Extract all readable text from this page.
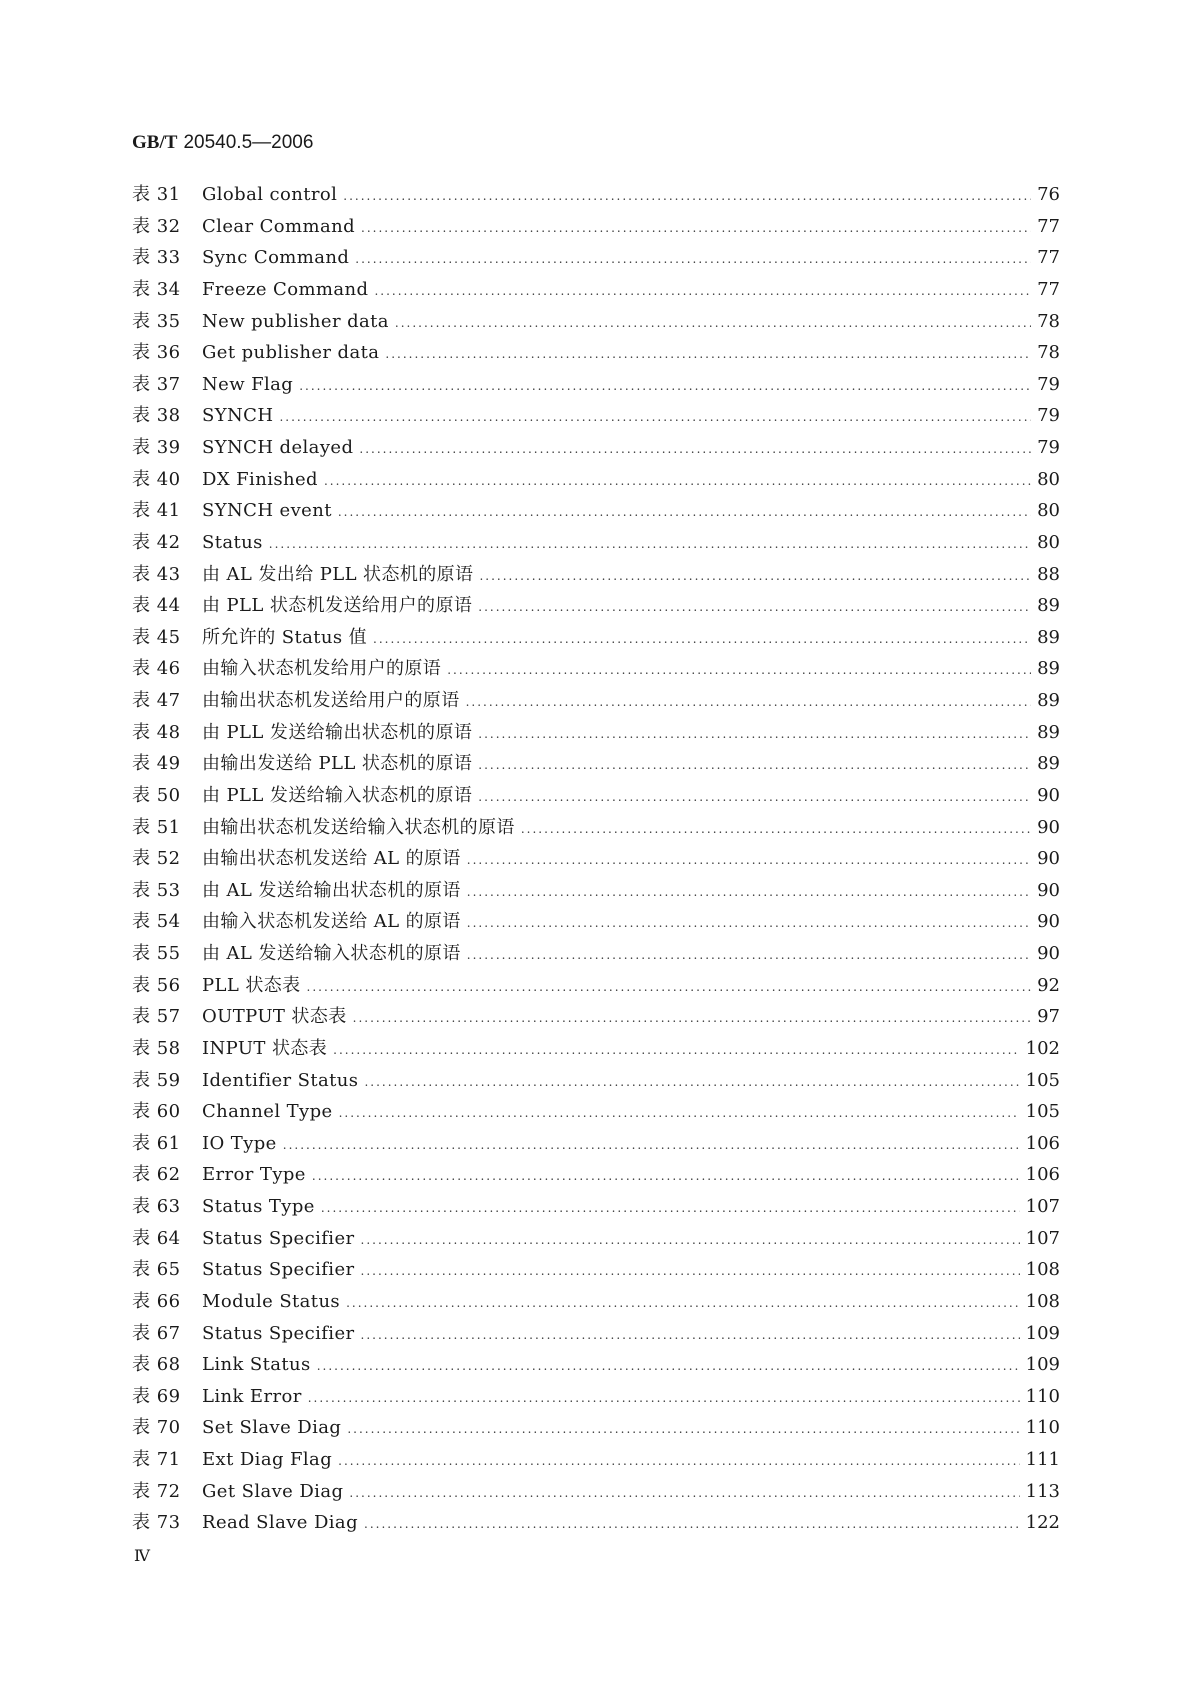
GB/T 20540.5—2006
表 31	Global control .....	76
表 32	Clear Command .....	77
表 33	Sync Command .....	77
表 34	Freeze Command .....	77
表 35	New publisher data .....	78
表 36	Get publisher data .....	78
表 37	New Flag .....	79
表 38	SYNCH .....	79
表 39	SYNCH delayed .....	79
表 40	DX Finished .....	80
表 41	SYNCH event .....	80
表 42	Status .....	80
表 43	由 AL 发出给 PLL 状态机的原语 .....	88
表 44	由 PLL 状态机发送给用户的原语 .....	89
表 45	所允许的 Status 值 .....	89
表 46	由输入状态机发给用户的原语 .....	89
表 47	由输出状态机发送给用户的原语 .....	89
表 48	由 PLL 发送给输出状态机的原语 .....	89
表 49	由输出发送给 PLL 状态机的原语 .....	89
表 50	由 PLL 发送给输入状态机的原语 .....	90
表 51	由输出状态机发送给输入状态机的原语 .....	90
表 52	由输出状态机发送给 AL 的原语 .....	90
表 53	由 AL 发送给输出状态机的原语 .....	90
表 54	由输入状态机发送给 AL 的原语 .....	90
表 55	由 AL 发送给输入状态机的原语 .....	90
表 56	PLL 状态表 .....	92
表 57	OUTPUT 状态表 .....	97
表 58	INPUT 状态表 .....	102
表 59	Identifier Status .....	105
表 60	Channel Type .....	105
表 61	IO Type .....	106
表 62	Error Type .....	106
表 63	Status Type .....	107
表 64	Status Specifier .....	107
表 65	Status Specifier .....	108
表 66	Module Status .....	108
表 67	Status Specifier .....	109
表 68	Link Status .....	109
表 69	Link Error .....	110
表 70	Set Slave Diag .....	110
表 71	Ext Diag Flag .....	111
表 72	Get Slave Diag .....	113
表 73	Read Slave Diag .....	122
Ⅳ
